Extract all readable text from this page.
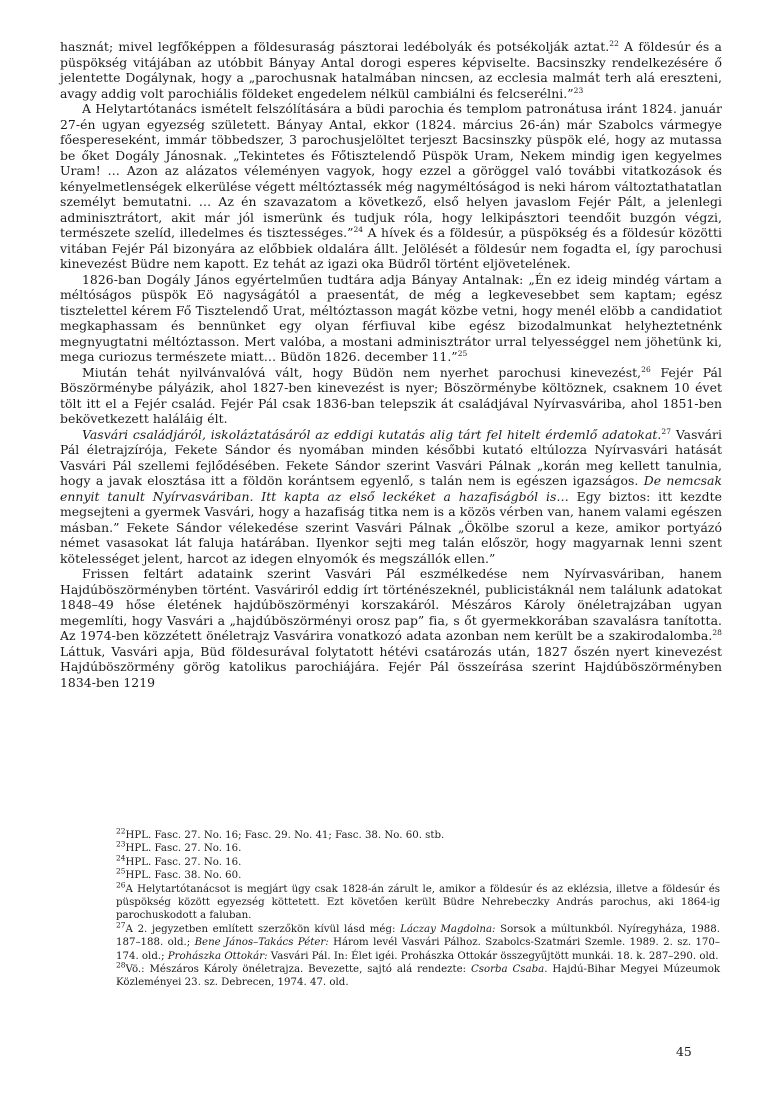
hasznát; mivel legfőképpen a földesuraság pásztorai ledébolyák és potsékolják aztat.$^{22}$ A földesúr és a püspökség vitájában az utóbbit Bányay Antal dorogi esperes képviselte. Bacsinszky rendelkezésére ő jelentette Dogálynak, hogy a „parochusnak hatalmában nincsen, az ecclesia malmát terh alá ereszteni, avagy addig volt parochiális földeket engedelem nélkül cambiálni és felcserélni.”$^{23}$

A Helytartótanács ismételt felszólítására a büdi parochia és templom patronátusa iránt 1824. január 27-én ugyan egyezség született. Bányay Antal, ekkor (1824. március 26-án) már Szabolcs vármegye főespereseként, immár többedszer, 3 parochusjelöltet terjeszt Bacsinszky püspök elé, hogy az mutassa be őket Dogály Jánosnak. „Tekintetes és Főtisztelendő Püspök Uram, Nekem mindig igen kegyelmes Uram! … Azon az alázatos véleményen vagyok, hogy ezzel a göröggel való további vitatkozások és kényelmetlenségek elkerülése végett méltóztassék még nagyméltóságod is neki három változtathatatlan személyt bemutatni. … Az én szavazatom a következő, első helyen javaslom Fejér Pált, a jelenlegi adminisztrátort, akit már jól ismerünk és tudjuk róla, hogy lelkipásztori teendőit buzgón végzi, természete szelíd, illedelmes és tisztességes.”$^{24}$ A hívek és a földesúr, a püspökség és a földesúr közötti vitában Fejér Pál bizonyára az előbbiek oldalára állt. Jelölését a földesúr nem fogadta el, így parochusi kinevezést Büdre nem kapott. Ez tehát az igazi oka Büdről történt eljövetelének.

1826-ban Dogály János egyértelműen tudtára adja Bányay Antalnak: „Én ez ideig mindég vártam a méltóságos püspök Eö nagyságától a praesentát, de még a legkevesebbet sem kaptam; egész tisztelettel kérem Fő Tisztelendő Urat, méltóztasson magát közbe vetni, hogy menél elöbb a candidatiot megkaphassam és bennünket egy olyan férfiuval kibe egész bizodalmunkat helyheztetnénk megnyugtatni méltóztasson. Mert valóba, a mostani adminisztrátor urral telyességgel nem jöhetünk ki, mega curiozus természete miatt… Büdön 1826. december 11.”$^{25}$

Miután tehát nyilvánvalóvá vált, hogy Büdön nem nyerhet parochusi kinevezést,$^{26}$ Fejér Pál Böszörménybe pályázik, ahol 1827-ben kinevezést is nyer; Böszörménybe költöznek, csaknem 10 évet tölt itt el a Fejér család. Fejér Pál csak 1836-ban telepszik át családjával Nyírvasváriba, ahol 1851-ben bekövetkezett haláláig élt.

Vasvári családjáról, iskoláztatásáról az eddigi kutatás alig tárt fel hitelt érdemlő adatokat.$^{27}$ Vasvári Pál életrajzírója, Fekete Sándor és nyomában minden későbbi kutató eltúlozza Nyírvasvári hatását Vasvári Pál szellemi fejlődésében. Fekete Sándor szerint Vasvári Pálnak „korán meg kellett tanulnia, hogy a javak elosztása itt a földön korántsem egyenlő, s talán nem is egészen igazságos. De nemcsak ennyit tanult Nyírvasváriban. Itt kapta az első leckéket a hazafiságból is… Egy biztos: itt kezdte megsejteni a gyermek Vasvári, hogy a hazafiság titka nem is a közös vérben van, hanem valami egészen másban.” Fekete Sándor vélekedése szerint Vasvári Pálnak „Ökölbe szorul a keze, amikor portyázó német vasasokat lát falujа határában. Ilyenkor sejti meg talán először, hogy magyarnak lenni szent kötelességet jelent, harcot az idegen elnyomók és megszállók ellen.”

Frissen feltárt adataink szerint Vasvári Pál eszmélkedése nem Nyírvasváriban, hanem Hajdúböszörményben történt. Vasváriról eddig írt történészeknél, publicistáknál nem találunk adatokat 1848–49 hőse életének hajdúböszörményi korszakáról. Mészáros Károly önéletrajzában ugyan megemlíti, hogy Vasvári a „hajdúböszörményi orosz pap” fia, s őt gyermekkorában szavalásra tanította. Az 1974-ben közzétett önéletrajz Vasvárira vonatkozó adata azonban nem került be a szakirodalomba.$^{28}$ Láttuk, Vasvári apja, Büd földesurával folytatott hétévi csatározás után, 1827 őszén nyert kinevezést Hajdúböszörmény görög katolikus parochiájára. Fejér Pál összeírása szerint Hajdúböszörményben 1834-ben 1219

$^{22}$HPL. Fasc. 27. No. 16; Fasc. 29. No. 41; Fasc. 38. No. 60. stb.

$^{23}$HPL. Fasc. 27. No. 16.

$^{24}$HPL. Fasc. 27. No. 16.

$^{25}$HPL. Fasc. 38. No. 60.

$^{26}$A Helytartótanácsot is megjárt ügy csak 1828-án zárult le, amikor a földesúr és az eklézsia, illetve a földesúr és püspökség között egyezség köttetett. Ezt követően került Büdre Nehrebeczky András parochus, aki 1864-ig parochuskodott a faluban.

$^{27}$A 2. jegyzetben említett szerzőkön kívül lásd még: Láczay Magdolna: Sorsok a múltunkból. Nyíregyháza, 1988. 187–188. old.; Bene János–Takács Péter: Három levél Vasvári Pálhoz. Szabolcs-Szatmári Szemle. 1989. 2. sz. 170–174. old.; Prohászka Ottokár: Vasvári Pál. In: Élet igéi. Prohászka Ottokár összegyűjtött munkái. 18. k. 287–290. old.

$^{28}$Vö.: Mészáros Károly önéletrajza. Bevezette, sajtó alá rendezte: Csorba Csaba. Hajdú-Bihar Megyei Múzeumok Közleményei 23. sz. Debrecen, 1974. 47. old.

45
